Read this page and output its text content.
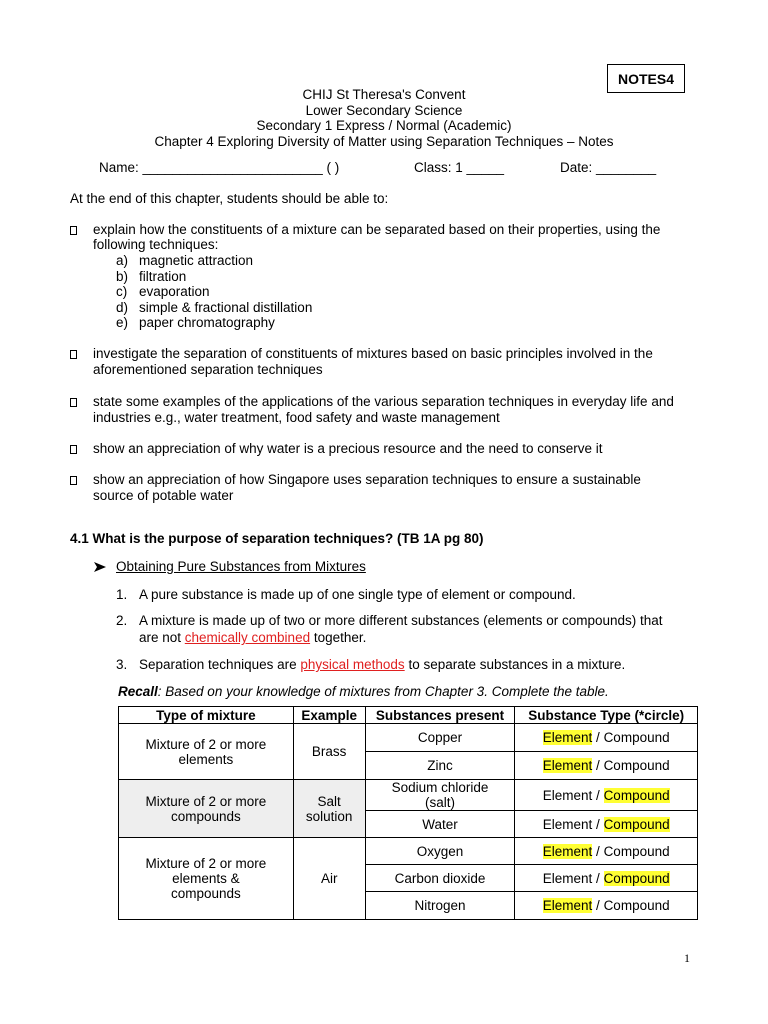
NOTES4
CHIJ St Theresa's Convent
Lower Secondary Science
Secondary 1 Express / Normal (Academic)
Chapter 4 Exploring Diversity of Matter using Separation Techniques – Notes
Name: ________________________ ( )	Class: 1 _____	Date: ________
At the end of this chapter, students should be able to:
explain how the constituents of a mixture can be separated based on their properties, using the
following techniques:
a) magnetic attraction
b) filtration
c) evaporation
d) simple & fractional distillation
e) paper chromatography
investigate the separation of constituents of mixtures based on basic principles involved in the
aforementioned separation techniques
state some examples of the applications of the various separation techniques in everyday life and
industries e.g., water treatment, food safety and waste management
show an appreciation of why water is a precious resource and the need to conserve it
show an appreciation of how Singapore uses separation techniques to ensure a sustainable
source of potable water
4.1 What is the purpose of separation techniques? (TB 1A pg 80)
Obtaining Pure Substances from Mixtures
1. A pure substance is made up of one single type of element or compound.
2. A mixture is made up of two or more different substances (elements or compounds) that
are not chemically combined together.
3. Separation techniques are physical methods to separate substances in a mixture.
Recall: Based on your knowledge of mixtures from Chapter 3. Complete the table.
Type of mixture	Example	Substances present	Substance Type (*circle)
Mixture of 2 or more elements	Brass	Copper	Element / Compound
		Zinc	Element / Compound
Mixture of 2 or more compounds	Salt solution	Sodium chloride (salt)	Element / Compound
		Water	Element / Compound
Mixture of 2 or more elements & compounds	Air	Oxygen	Element / Compound
		Carbon dioxide	Element / Compound
		Nitrogen	Element / Compound
1
